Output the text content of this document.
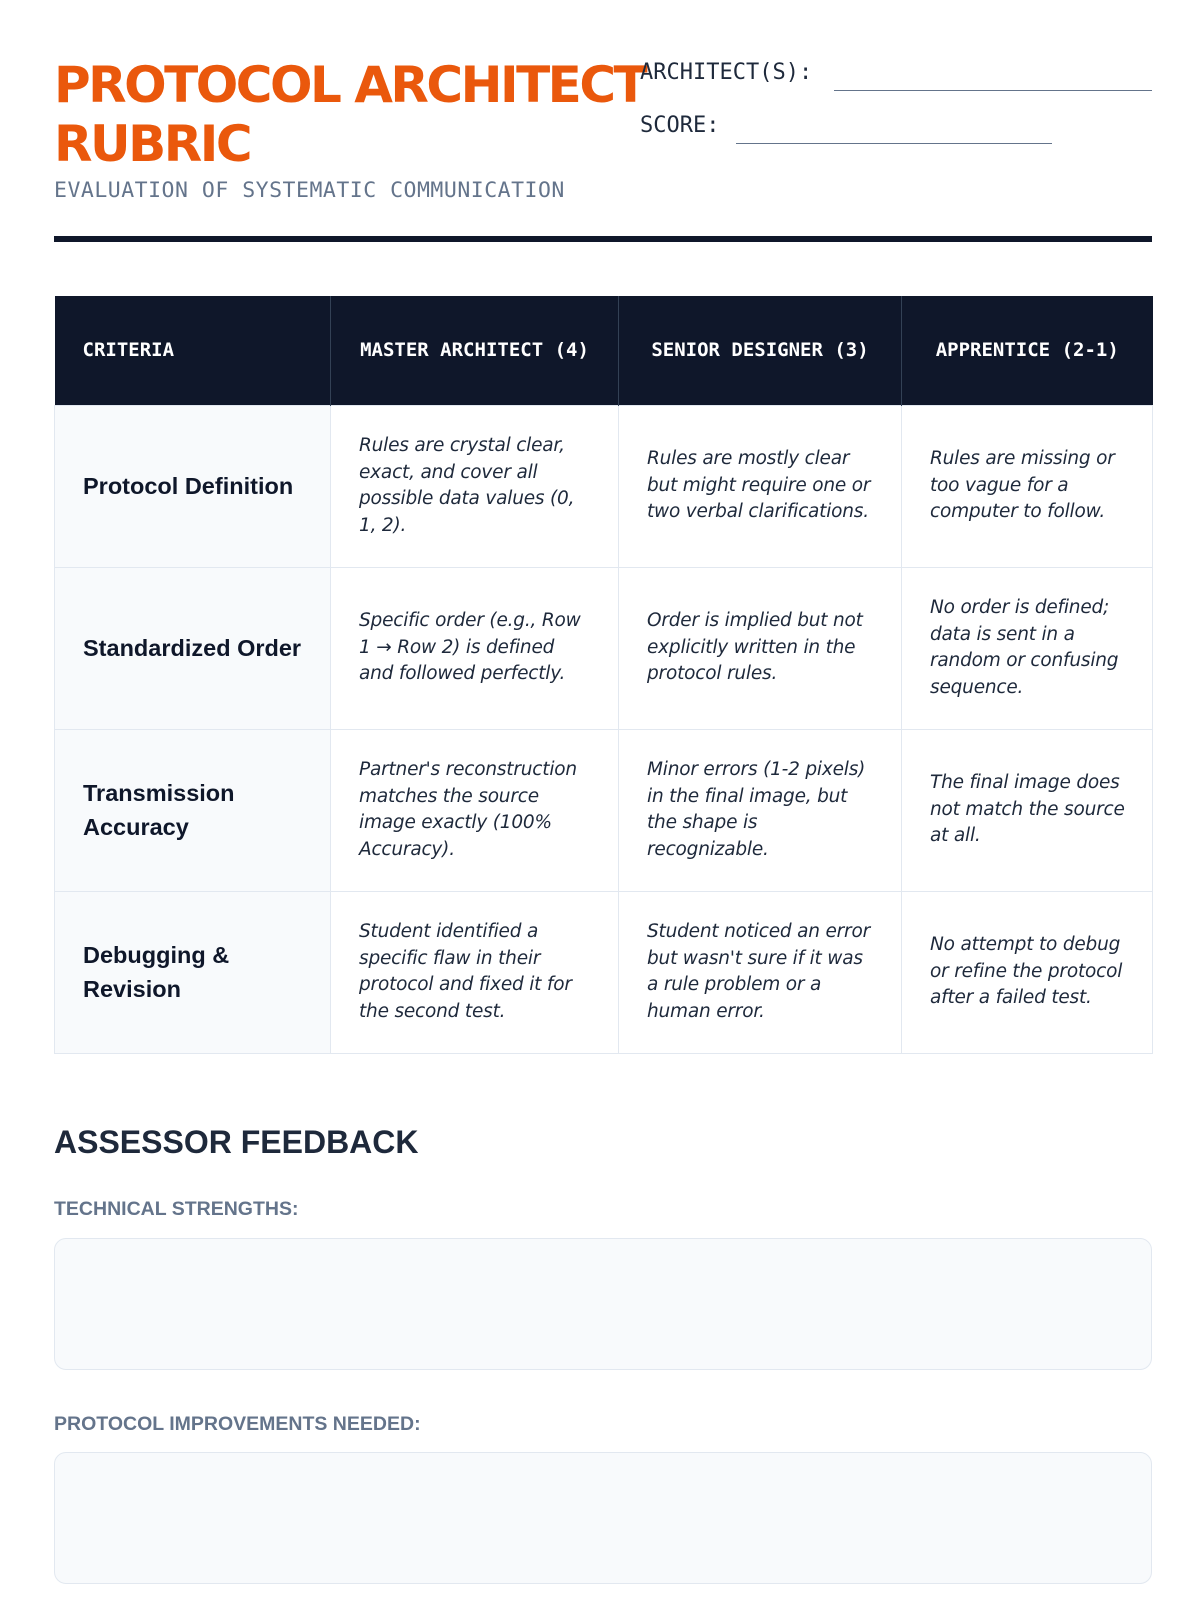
PROTOCOL ARCHITECT RUBRIC
EVALUATION OF SYSTEMATIC COMMUNICATION
ARCHITECT(S):
SCORE:
CRITERIA	MASTER ARCHITECT (4)	SENIOR DESIGNER (3)	APPRENTICE (2-1)
Protocol Definition	Rules are crystal clear, exact, and cover all possible data values (0, 1, 2).	Rules are mostly clear but might require one or two verbal clarifications.	Rules are missing or too vague for a computer to follow.
Standardized Order	Specific order (e.g., Row 1 → Row 2) is defined and followed perfectly.	Order is implied but not explicitly written in the protocol rules.	No order is defined; data is sent in a random or confusing sequence.
Transmission Accuracy	Partner's reconstruction matches the source image exactly (100% Accuracy).	Minor errors (1-2 pixels) in the final image, but the shape is recognizable.	The final image does not match the source at all.
Debugging & Revision	Student identified a specific flaw in their protocol and fixed it for the second test.	Student noticed an error but wasn't sure if it was a rule problem or a human error.	No attempt to debug or refine the protocol after a failed test.
ASSESSOR FEEDBACK
TECHNICAL STRENGTHS:
PROTOCOL IMPROVEMENTS NEEDED:
